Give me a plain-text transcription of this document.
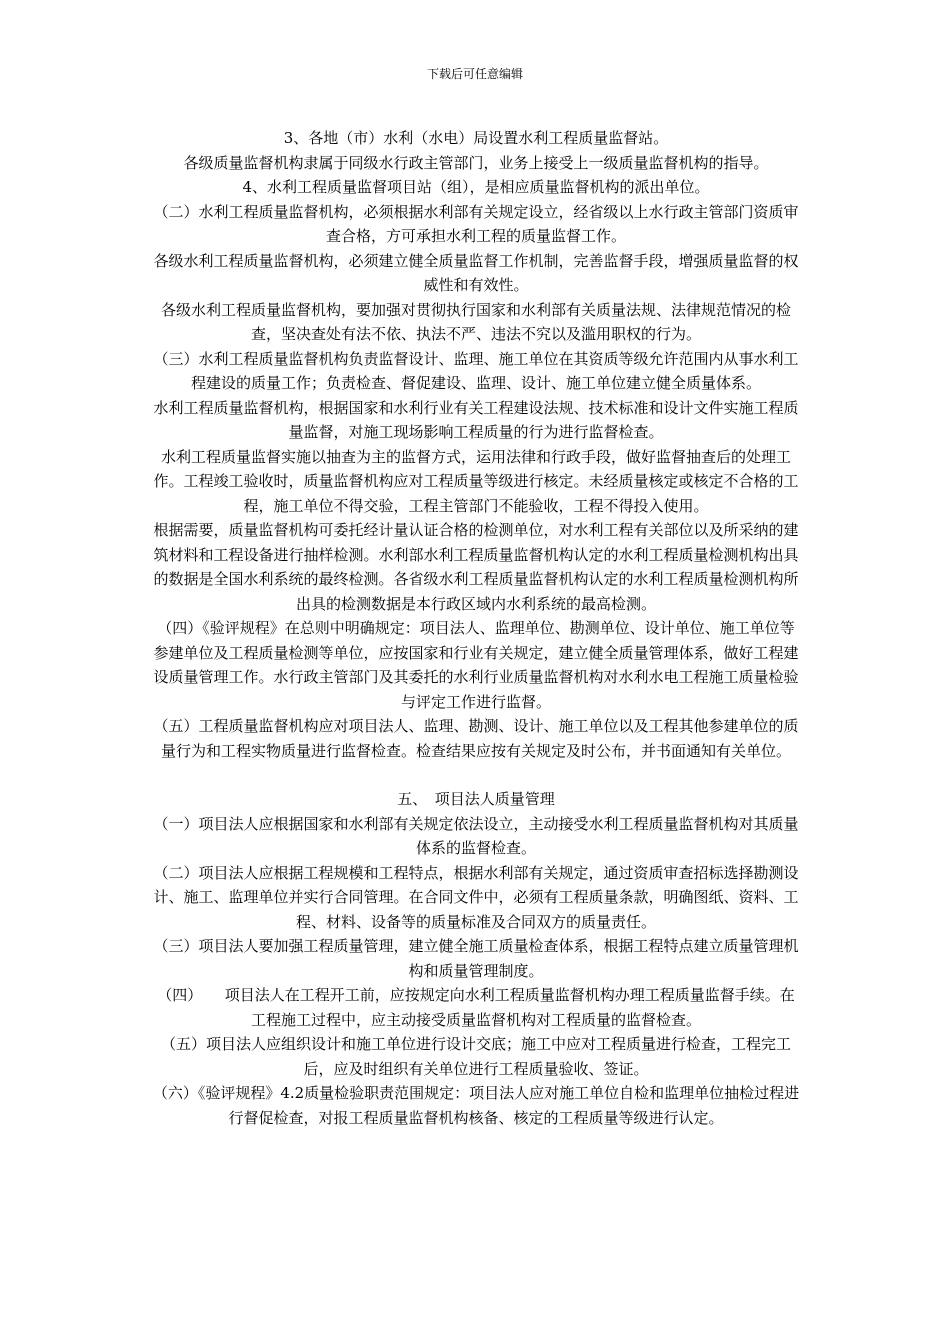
下载后可任意编辑

3、各地（市）水利（水电）局设置水利工程质量监督站。

各级质量监督机构隶属于同级水行政主管部门，业务上接受上一级质量监督机构的指导。

4、水利工程质量监督项目站（组），是相应质量监督机构的派出单位。

（二）水利工程质量监督机构，必须根据水利部有关规定设立，经省级以上水行政主管部门资质审查合格，方可承担水利工程的质量监督工作。

各级水利工程质量监督机构，必须建立健全质量监督工作机制，完善监督手段，增强质量监督的权威性和有效性。

各级水利工程质量监督机构，要加强对贯彻执行国家和水利部有关质量法规、法律规范情况的检查，坚决查处有法不依、执法不严、违法不究以及滥用职权的行为。

（三）水利工程质量监督机构负责监督设计、监理、施工单位在其资质等级允许范围内从事水利工程建设的质量工作；负责检查、督促建设、监理、设计、施工单位建立健全质量体系。

水利工程质量监督机构，根据国家和水利行业有关工程建设法规、技术标准和设计文件实施工程质量监督，对施工现场影响工程质量的行为进行监督检查。

水利工程质量监督实施以抽查为主的监督方式，运用法律和行政手段，做好监督抽查后的处理工作。工程竣工验收时，质量监督机构应对工程质量等级进行核定。未经质量核定或核定不合格的工程，施工单位不得交验，工程主管部门不能验收，工程不得投入使用。

根据需要，质量监督机构可委托经计量认证合格的检测单位，对水利工程有关部位以及所采纳的建筑材料和工程设备进行抽样检测。水利部水利工程质量监督机构认定的水利工程质量检测机构出具的数据是全国水利系统的最终检测。各省级水利工程质量监督机构认定的水利工程质量检测机构所出具的检测数据是本行政区域内水利系统的最高检测。

（四）《验评规程》在总则中明确规定：项目法人、监理单位、勘测单位、设计单位、施工单位等参建单位及工程质量检测等单位，应按国家和行业有关规定，建立健全质量管理体系，做好工程建设质量管理工作。水行政主管部门及其委托的水利行业质量监督机构对水利水电工程施工质量检验与评定工作进行监督。

（五）工程质量监督机构应对项目法人、监理、勘测、设计、施工单位以及工程其他参建单位的质量行为和工程实物质量进行监督检查。检查结果应按有关规定及时公布，并书面通知有关单位。

五、　项目法人质量管理

（一）项目法人应根据国家和水利部有关规定依法设立，主动接受水利工程质量监督机构对其质量体系的监督检查。

（二）项目法人应根据工程规模和工程特点，根据水利部有关规定，通过资质审查招标选择勘测设计、施工、监理单位并实行合同管理。在合同文件中，必须有工程质量条款，明确图纸、资料、工程、材料、设备等的质量标准及合同双方的质量责任。

（三）项目法人要加强工程质量管理，建立健全施工质量检查体系，根据工程特点建立质量管理机构和质量管理制度。

（四）　　项目法人在工程开工前，应按规定向水利工程质量监督机构办理工程质量监督手续。在工程施工过程中，应主动接受质量监督机构对工程质量的监督检查。

（五）项目法人应组织设计和施工单位进行设计交底；施工中应对工程质量进行检查，工程完工后，应及时组织有关单位进行工程质量验收、签证。

（六）《验评规程》4.2质量检验职责范围规定：项目法人应对施工单位自检和监理单位抽检过程进行督促检查，对报工程质量监督机构核备、核定的工程质量等级进行认定。
